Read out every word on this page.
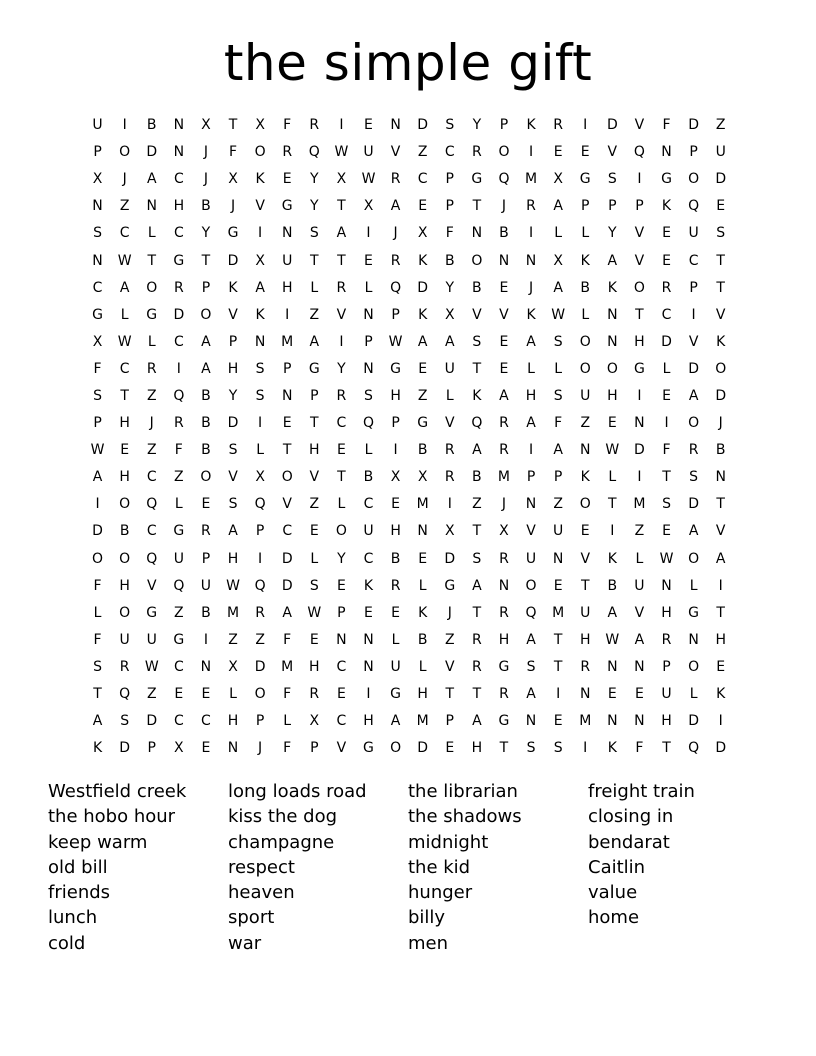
the simple gift
U	I	B	N	X	T	X	F	R	I	E	N	D	S	Y	P	K	R	I	D	V	F	D	Z
P	O	D	N	J	F	O	R	Q	W	U	V	Z	C	R	O	I	E	E	V	Q	N	P	U
X	J	A	C	J	X	K	E	Y	X	W	R	C	P	G	Q	M	X	G	S	I	G	O	D
N	Z	N	H	B	J	V	G	Y	T	X	A	E	P	T	J	R	A	P	P	P	K	Q	E
S	C	L	C	Y	G	I	N	S	A	I	J	X	F	N	B	I	L	L	Y	V	E	U	S
N	W	T	G	T	D	X	U	T	T	E	R	K	B	O	N	N	X	K	A	V	E	C	T
C	A	O	R	P	K	A	H	L	R	L	Q	D	Y	B	E	J	A	B	K	O	R	P	T
G	L	G	D	O	V	K	I	Z	V	N	P	K	X	V	V	K	W	L	N	T	C	I	V
X	W	L	C	A	P	N	M	A	I	P	W	A	A	S	E	A	S	O	N	H	D	V	K
F	C	R	I	A	H	S	P	G	Y	N	G	E	U	T	E	L	L	O	O	G	L	D	O
S	T	Z	Q	B	Y	S	N	P	R	S	H	Z	L	K	A	H	S	U	H	I	E	A	D
P	H	J	R	B	D	I	E	T	C	Q	P	G	V	Q	R	A	F	Z	E	N	I	O	J
W	E	Z	F	B	S	L	T	H	E	L	I	B	R	A	R	I	A	N	W	D	F	R	B
A	H	C	Z	O	V	X	O	V	T	B	X	X	R	B	M	P	P	K	L	I	T	S	N
I	O	Q	L	E	S	Q	V	Z	L	C	E	M	I	Z	J	N	Z	O	T	M	S	D	T
D	B	C	G	R	A	P	C	E	O	U	H	N	X	T	X	V	U	E	I	Z	E	A	V
O	O	Q	U	P	H	I	D	L	Y	C	B	E	D	S	R	U	N	V	K	L	W	O	A
F	H	V	Q	U	W	Q	D	S	E	K	R	L	G	A	N	O	E	T	B	U	N	L	I
L	O	G	Z	B	M	R	A	W	P	E	E	K	J	T	R	Q	M	U	A	V	H	G	T
F	U	U	G	I	Z	Z	F	E	N	N	L	B	Z	R	H	A	T	H	W	A	R	N	H
S	R	W	C	N	X	D	M	H	C	N	U	L	V	R	G	S	T	R	N	N	P	O	E
T	Q	Z	E	E	L	O	F	R	E	I	G	H	T	T	R	A	I	N	E	E	U	L	K
A	S	D	C	C	H	P	L	X	C	H	A	M	P	A	G	N	E	M	N	N	H	D	I
K	D	P	X	E	N	J	F	P	V	G	O	D	E	H	T	S	S	I	K	F	T	Q	D
Westfield creek
the hobo hour
keep warm
old bill
friends
lunch
cold
long loads road
kiss the dog
champagne
respect
heaven
sport
war
the librarian
the shadows
midnight
the kid
hunger
billy
men
freight train
closing in
bendarat
Caitlin
value
home
